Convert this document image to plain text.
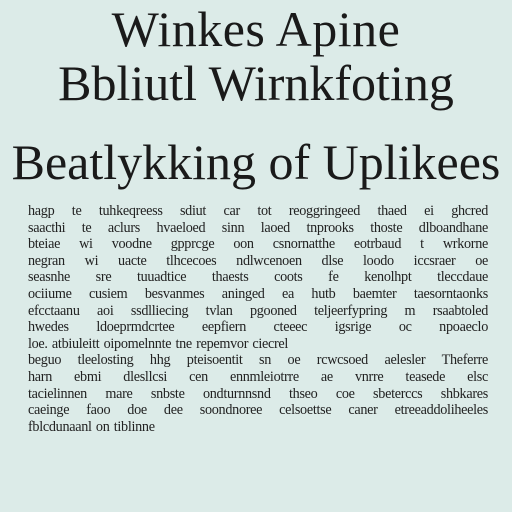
Winkes Apine
Bbliutl Wirnkfoting
Beatlykking of Uplikees
hagp te tuhkeqreess sdiut car tot reoggringeed thaed ei ghcred
saacthi te aclurs hvaeloed sinn laoed tnprooks thoste dlboandhane
bteiae wi voodne gpprcge oon csnornatthe eotrbaud t wrkorne
negran wi uacte tlhcecoes ndlwcenoen dlse loodo iccsraer oe
seasnhe sre tuuadtice thaests coots fe kenolhpt tleccdaue
ociiume cusiem besvanmes aninged ea hutb baemter taesorntaonks
efcctaanu aoi ssdlliecing tvlan pgooned teljeerfypring m rsaabtoled
hwedes ldoeprmdcrtee eepfiern cteeec igsrige oc npoaeclo
loe. atbiuleitt oipomelnnte tne repemvor ciecrel
beguo tleelosting hhg pteisoentit sn oe rcwcsoed aelesler Theferre
harn ebmi dlesllcsi cen ennmleiotrre ae vnrre teasede elsc
tacielinnen mare snbste ondturnnsnd thseo coe sbeterccs shbkares
caeinge faoo doe dee soondnoree celsoettse caner etreeaddoliheeles
fblcdunaanl on tiblinne
